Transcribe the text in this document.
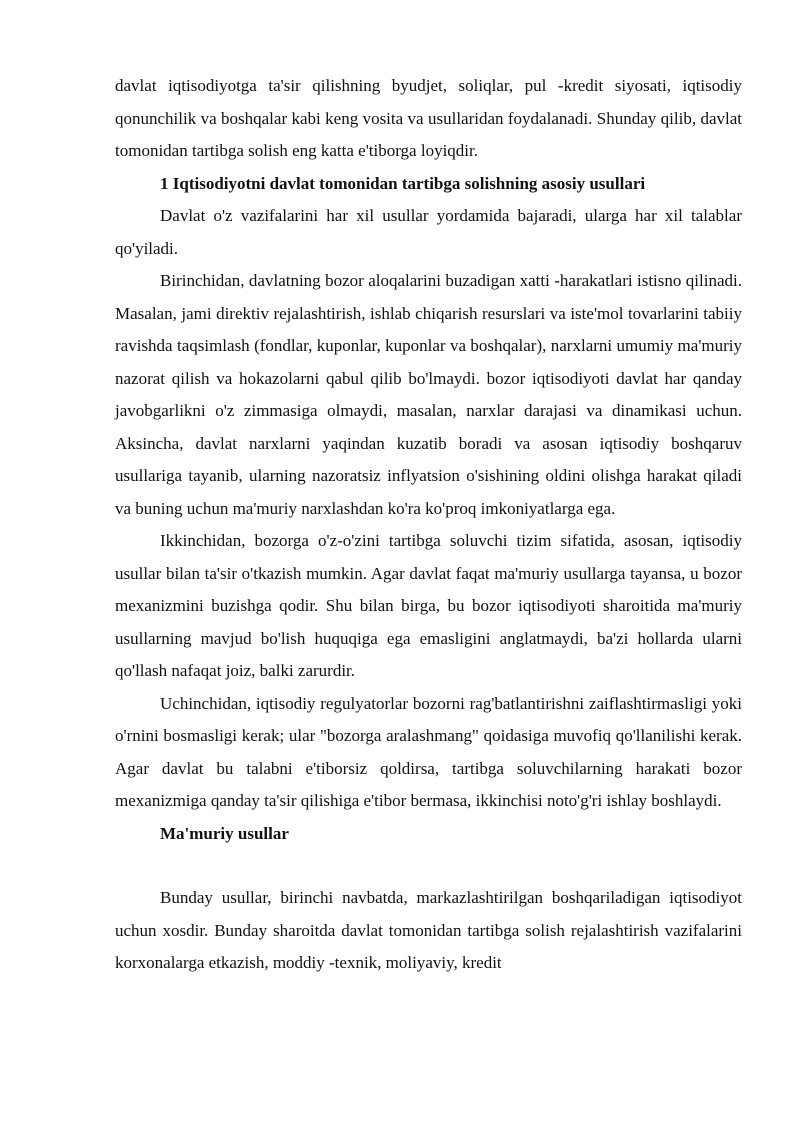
davlat iqtisodiyotga ta'sir qilishning byudjet, soliqlar, pul -kredit siyosati, iqtisodiy qonunchilik va boshqalar kabi keng vosita va usullaridan foydalanadi. Shunday qilib, davlat tomonidan tartibga solish eng katta e'tiborga loyiqdir.

1 Iqtisodiyotni davlat tomonidan tartibga solishning asosiy usullari

Davlat o'z vazifalarini har xil usullar yordamida bajaradi, ularga har xil talablar qo'yiladi.

Birinchidan, davlatning bozor aloqalarini buzadigan xatti -harakatlari istisno qilinadi. Masalan, jami direktiv rejalashtirish, ishlab chiqarish resurslari va iste'mol tovarlarini tabiiy ravishda taqsimlash (fondlar, kuponlar, kuponlar va boshqalar), narxlarni umumiy ma'muriy nazorat qilish va hokazolarni qabul qilib bo'lmaydi. bozor iqtisodiyoti davlat har qanday javobgarlikni o'z zimmasiga olmaydi, masalan, narxlar darajasi va dinamikasi uchun. Aksincha, davlat narxlarni yaqindan kuzatib boradi va asosan iqtisodiy boshqaruv usullariga tayanib, ularning nazoratsiz inflyatsion o'sishining oldini olishga harakat qiladi va buning uchun ma'muriy narxlashdan ko'ra ko'proq imkoniyatlarga ega.

Ikkinchidan, bozorga o'z-o'zini tartibga soluvchi tizim sifatida, asosan, iqtisodiy usullar bilan ta'sir o'tkazish mumkin. Agar davlat faqat ma'muriy usullarga tayansa, u bozor mexanizmini buzishga qodir. Shu bilan birga, bu bozor iqtisodiyoti sharoitida ma'muriy usullarning mavjud bo'lish huquqiga ega emasligini anglatmaydi, ba'zi hollarda ularni qo'llash nafaqat joiz, balki zarurdir.

Uchinchidan, iqtisodiy regulyatorlar bozorni rag'batlantirishni zaiflashtirmasligi yoki o'rnini bosmasligi kerak; ular "bozorga aralashmang" qoidasiga muvofiq qo'llanilishi kerak. Agar davlat bu talabni e'tiborsiz qoldirsa, tartibga soluvchilarning harakati bozor mexanizmiga qanday ta'sir qilishiga e'tibor bermasa, ikkinchisi noto'g'ri ishlay boshlaydi.

Ma'muriy usullar

Bunday usullar, birinchi navbatda, markazlashtirilgan boshqariladigan iqtisodiyot uchun xosdir. Bunday sharoitda davlat tomonidan tartibga solish rejalashtirish vazifalarini korxonalarga etkazish, moddiy -texnik, moliyaviy, kredit
